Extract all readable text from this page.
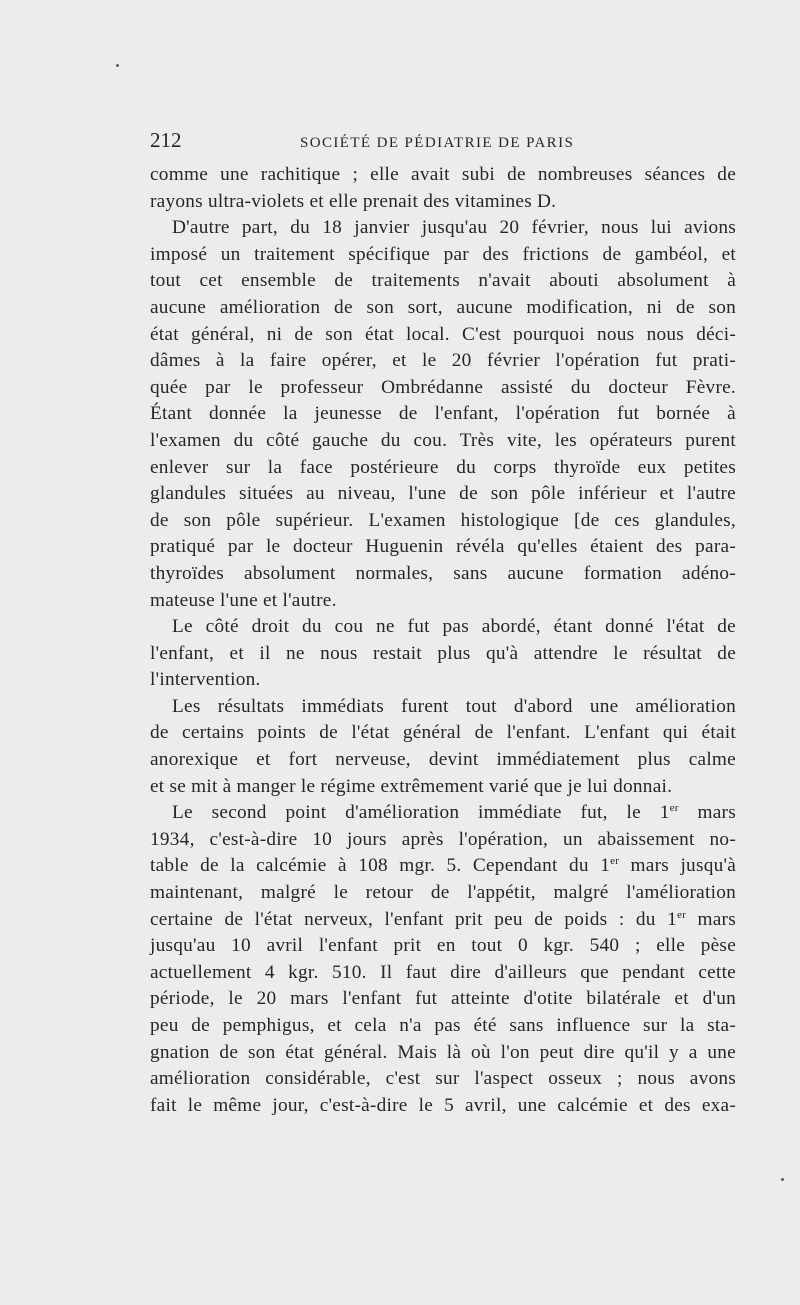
212	SOCIÉTÉ DE PÉDIATRIE DE PARIS
comme une rachitique ; elle avait subi de nombreuses séances de
rayons ultra-violets et elle prenait des vitamines D.
D'autre part, du 18 janvier jusqu'au 20 février, nous lui avions
imposé un traitement spécifique par des frictions de gambéol, et
tout cet ensemble de traitements n'avait abouti absolument à
aucune amélioration de son sort, aucune modification, ni de son
état général, ni de son état local. C'est pourquoi nous nous déci-
dâmes à la faire opérer, et le 20 février l'opération fut prati-
quée par le professeur Ombrédanne assisté du docteur Fèvre.
Étant donnée la jeunesse de l'enfant, l'opération fut bornée à
l'examen du côté gauche du cou. Très vite, les opérateurs purent
enlever sur la face postérieure du corps thyroïde eux petites
glandules situées au niveau, l'une de son pôle inférieur et l'autre
de son pôle supérieur. L'examen histologique [de ces glandules,
pratiqué par le docteur Huguenin révéla qu'elles étaient des para-
thyroïdes absolument normales, sans aucune formation adéno-
mateuse l'une et l'autre.
Le côté droit du cou ne fut pas abordé, étant donné l'état de
l'enfant, et il ne nous restait plus qu'à attendre le résultat de
l'intervention.
Les résultats immédiats furent tout d'abord une amélioration
de certains points de l'état général de l'enfant. L'enfant qui était
anorexique et fort nerveuse, devint immédiatement plus calme
et se mit à manger le régime extrêmement varié que je lui donnai.
Le second point d'amélioration immédiate fut, le 1er mars
1934, c'est-à-dire 10 jours après l'opération, un abaissement no-
table de la calcémie à 108 mgr. 5. Cependant du 1er mars jusqu'à
maintenant, malgré le retour de l'appétit, malgré l'amélioration
certaine de l'état nerveux, l'enfant prit peu de poids : du 1er mars
jusqu'au 10 avril l'enfant prit en tout 0 kgr. 540 ; elle pèse
actuellement 4 kgr. 510. Il faut dire d'ailleurs que pendant cette
période, le 20 mars l'enfant fut atteinte d'otite bilatérale et d'un
peu de pemphigus, et cela n'a pas été sans influence sur la sta-
gnation de son état général. Mais là où l'on peut dire qu'il y a une
amélioration considérable, c'est sur l'aspect osseux ; nous avons
fait le même jour, c'est-à-dire le 5 avril, une calcémie et des exa-
